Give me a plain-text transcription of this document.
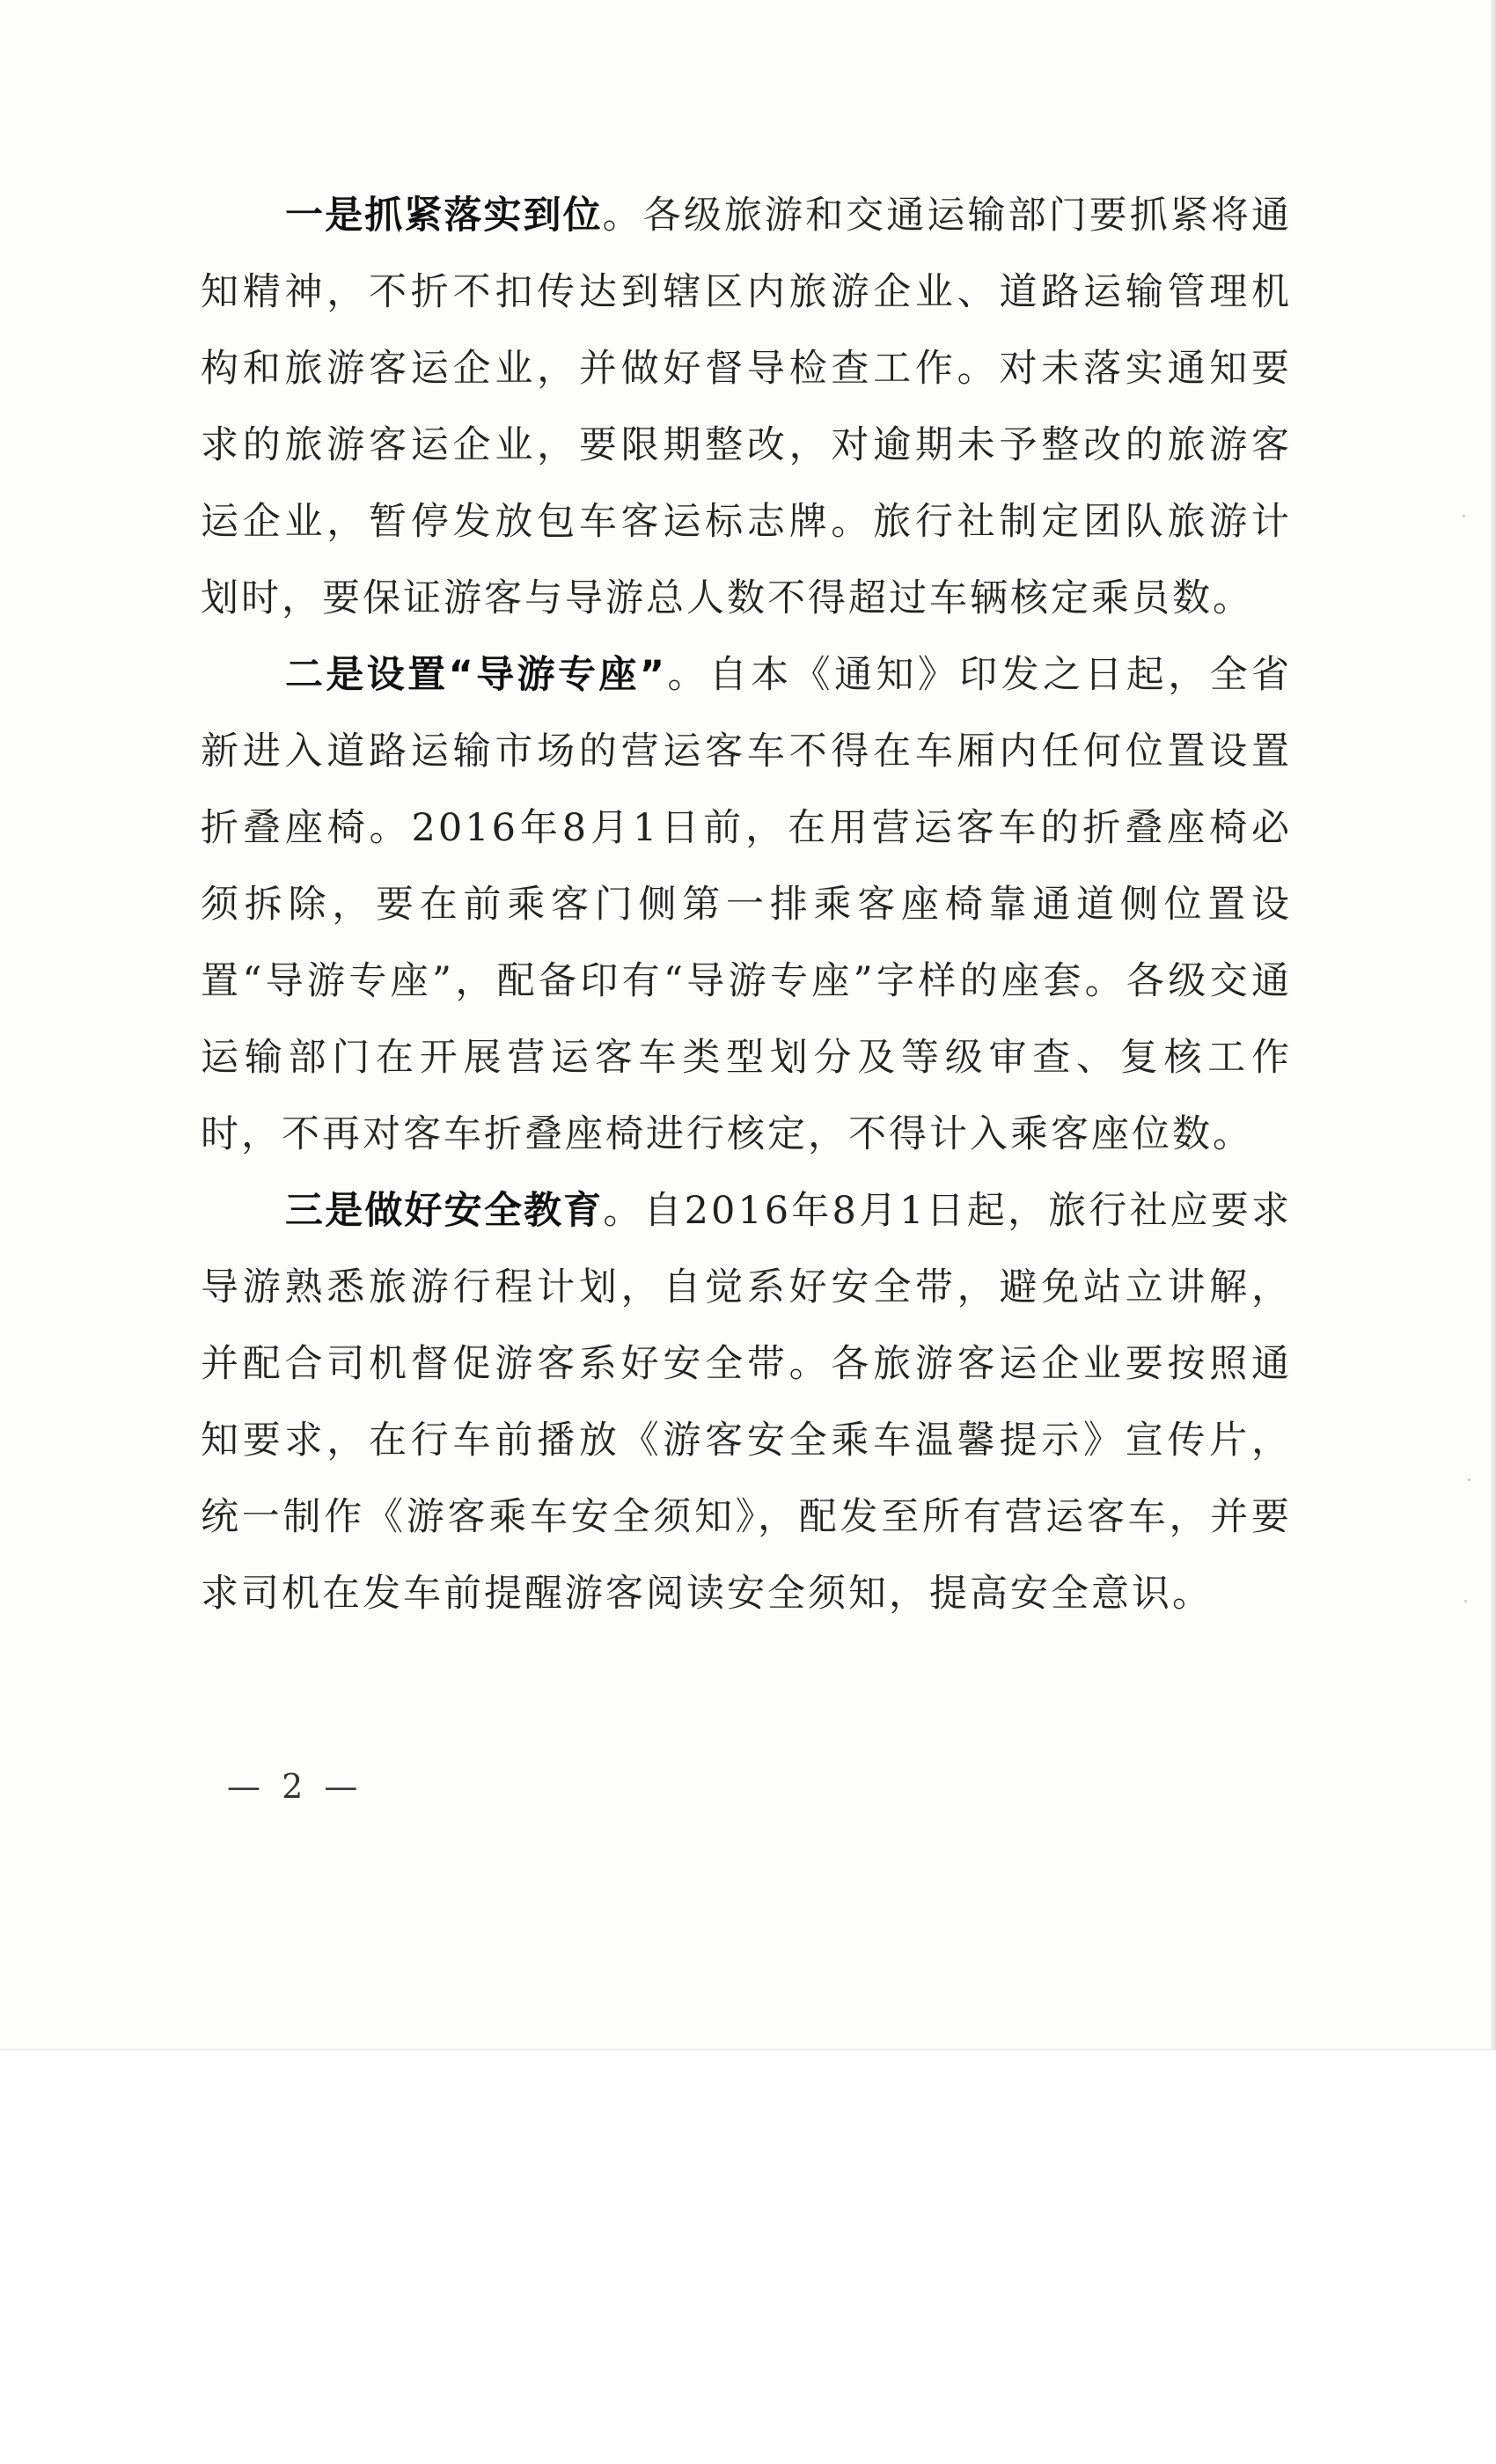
一是抓紧落实到位。各级旅游和交通运输部门要抓紧将通知精神，不折不扣传达到辖区内旅游企业、道路运输管理机构和旅游客运企业，并做好督导检查工作。对未落实通知要求的旅游客运企业，要限期整改，对逾期未予整改的旅游客运企业，暂停发放包车客运标志牌。旅行社制定团队旅游计划时，要保证游客与导游总人数不得超过车辆核定乘员数。

二是设置“导游专座”。自本《通知》印发之日起，全省新进入道路运输市场的营运客车不得在车厢内任何位置设置折叠座椅。2016年8月1日前，在用营运客车的折叠座椅必须拆除，要在前乘客门侧第一排乘客座椅靠通道侧位置设置“导游专座”，配备印有“导游专座”字样的座套。各级交通运输部门在开展营运客车类型划分及等级审查、复核工作时，不再对客车折叠座椅进行核定，不得计入乘客座位数。

三是做好安全教育。自2016年8月1日起，旅行社应要求导游熟悉旅游行程计划，自觉系好安全带，避免站立讲解，并配合司机督促游客系好安全带。各旅游客运企业要按照通知要求，在行车前播放《游客安全乘车温馨提示》宣传片，统一制作《游客乘车安全须知》，配发至所有营运客车，并要求司机在发车前提醒游客阅读安全须知，提高安全意识。

— 2 —
